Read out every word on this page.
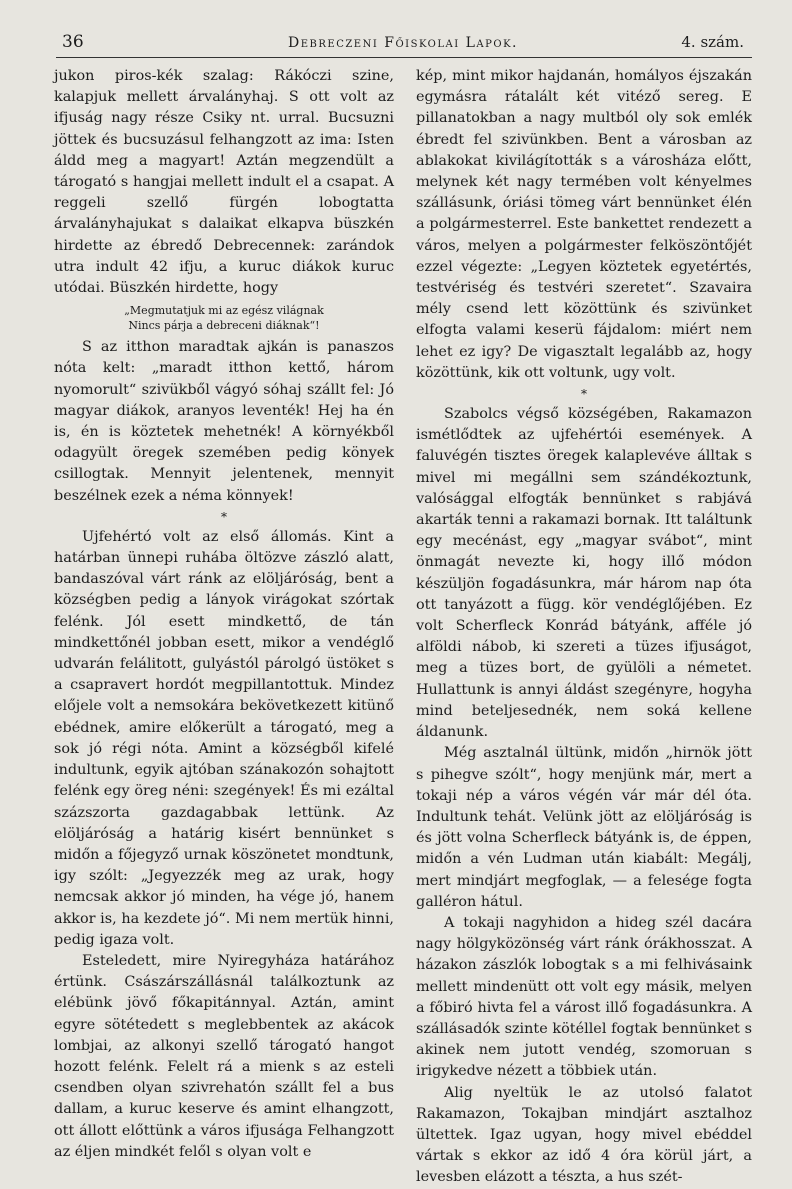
36	Debreczeni Főiskolai Lapok.	4. szám.

jukon piros-kék szalag: Rákóczi szine, kalapjuk mellett árvalányhaj. S ott volt az ifjuság nagy része Csiky nt. urral. Bucsuzni jöttek és bucsuzásul felhangzott az ima: Isten áldd meg a magyart! Aztán megzendült a tárogató s hangjai mellett indult el a csapat. A reggeli szellő fürgén lobogtatta árvalányhajukat s dalaikat elkapva büszkén hirdette az ébredő Debrecennek: zarándok utra indult 42 ifju, a kuruc diákok kuruc utódai. Büszkén hirdette, hogy

„Megmutatjuk mi az egész világnak
Nincs párja a debreceni diáknak“!

S az itthon maradtak ajkán is panaszos nóta kelt: „maradt itthon kettő, három nyomorult“ szivükből vágyó sóhaj szállt fel: Jó magyar diákok, aranyos leventék! Hej ha én is, én is köztetek mehetnék! A környékből odagyült öregek szemében pedig könyek csillogtak. Mennyit jelentenek, mennyit beszélnek ezek a néma könnyek!

*

Ujfehértó volt az első állomás. Kint a határban ünnepi ruhába öltözve zászló alatt, bandaszóval várt ránk az elöljáróság, bent a községben pedig a lányok virágokat szórtak felénk. Jól esett mindkettő, de tán mindkettőnél jobban esett, mikor a vendéglő udvarán felálitott, gulyástól párolgó üstöket s a csapravert hordót megpillantottuk. Mindez előjele volt a nemsokára bekövetkezett kitünő ebédnek, amire előkerült a tárogató, meg a sok jó régi nóta. Amint a községből kifelé indultunk, egyik ajtóban szánakozón sohajtott felénk egy öreg néni: szegények! És mi ezáltal százszorta gazdagabbak lettünk. Az elöljáróság a határig kisért bennünket s midőn a főjegyző urnak köszönetet mondtunk, igy szólt: „Jegyezzék meg az urak, hogy nemcsak akkor jó minden, ha vége jó, hanem akkor is, ha kezdete jó“. Mi nem mertük hinni, pedig igaza volt.

Esteledett, mire Nyiregyháza határához értünk. Császárszállásnál találkoztunk az elébünk jövő főkapitánnyal. Aztán, amint egyre sötétedett s meglebbentek az akácok lombjai, az alkonyi szellő tárogató hangot hozott felénk. Felelt rá a mienk s az esteli csendben olyan szivrehatón szállt fel a bus dallam, a kuruc keserve és amint elhangzott, ott állott előttünk a város ifjusága Felhangzott az éljen mindkét felől s olyan volt e

kép, mint mikor hajdanán, homályos éjszakán egymásra rátalált két vitéző sereg. E pillanatokban a nagy multból oly sok emlék ébredt fel szivünkben. Bent a városban az ablakokat kivilágították s a városháza előtt, melynek két nagy termében volt kényelmes szállásunk, óriási tömeg várt bennünket élén a polgármesterrel. Este bankettet rendezett a város, melyen a polgármester felköszöntőjét ezzel végezte: „Legyen köztetek egyetértés, testvériség és testvéri szeretet“. Szavaira mély csend lett közöttünk és szivünket elfogta valami keserü fájdalom: miért nem lehet ez igy? De vigasztalt legalább az, hogy közöttünk, kik ott voltunk, ugy volt.

*

Szabolcs végső községében, Rakamazon ismétlődtek az ujfehértói események. A faluvégén tisztes öregek kalaplevéve álltak s mivel mi megállni sem szándékoztunk, valósággal elfogták bennünket s rabjává akarták tenni a rakamazi bornak. Itt találtunk egy mecénást, egy „magyar svábot“, mint önmagát nevezte ki, hogy illő módon készüljön fogadásunkra, már három nap óta ott tanyázott a függ. kör vendéglőjében. Ez volt Scherfleck Konrád bátyánk, afféle jó alföldi nábob, ki szereti a tüzes ifjuságot, meg a tüzes bort, de gyülöli a németet. Hullattunk is annyi áldást szegényre, hogyha mind beteljesednék, nem soká kellene áldanunk.

Még asztalnál ültünk, midőn „hirnök jött s pihegve szólt“, hogy menjünk már, mert a tokaji nép a város végén vár már dél óta. Indultunk tehát. Velünk jött az elöljáróság is és jött volna Scherfleck bátyánk is, de éppen, midőn a vén Ludman után kiabált: Megálj, mert mindjárt megfoglak, — a felesége fogta galléron hátul.

A tokaji nagyhidon a hideg szél dacára nagy hölgyközönség várt ránk órákhosszat. A házakon zászlók lobogtak s a mi felhivásaink mellett mindenütt ott volt egy másik, melyen a főbiró hivta fel a várost illő fogadásunkra. A szállásadók szinte kötéllel fogtak bennünket s akinek nem jutott vendég, szomoruan s irigykedve nézett a többiek után.

Alig nyeltük le az utolsó falatot Rakamazon, Tokajban mindjárt asztalhoz ültettek. Igaz ugyan, hogy mivel ebéddel vártak s ekkor az idő 4 óra körül járt, a levesben elázott a tészta, a hus szét-
